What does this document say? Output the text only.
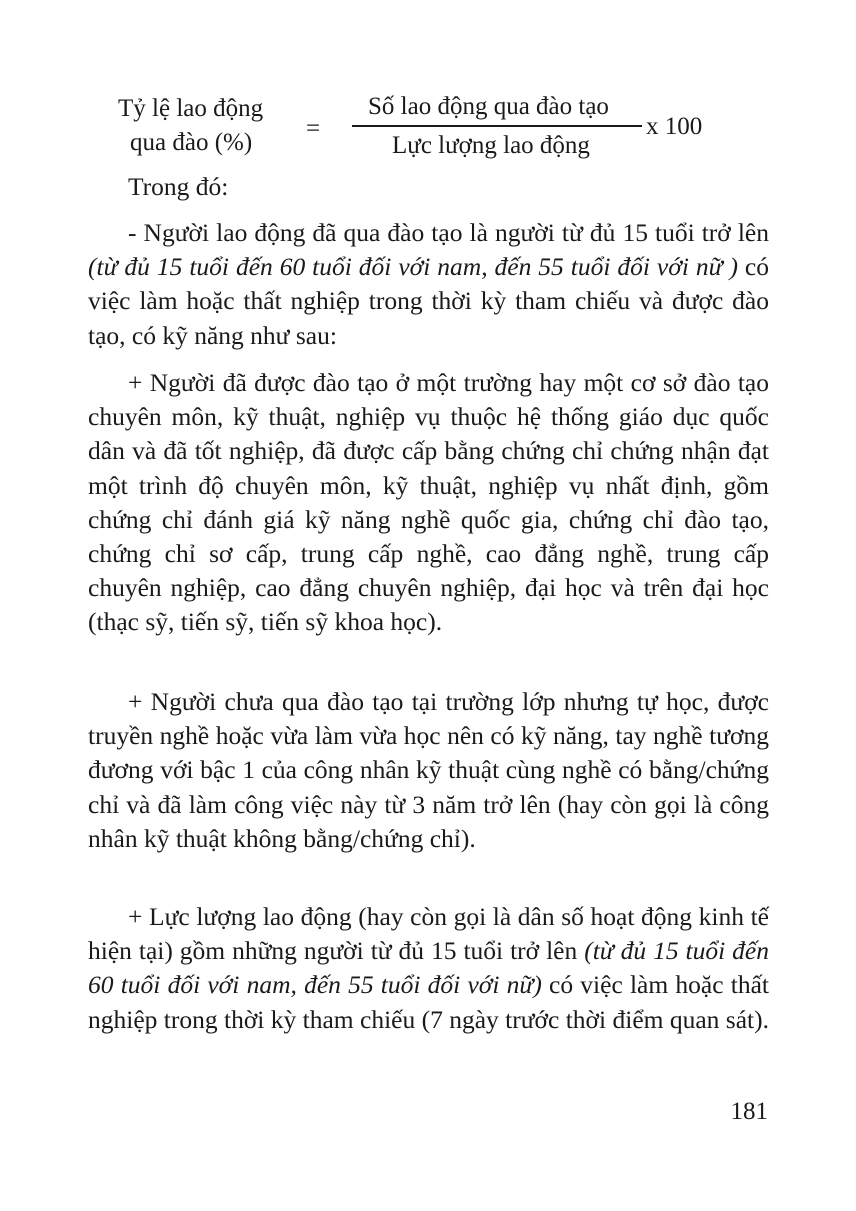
Tỷ lệ lao động
qua đào (%)
=
Số lao động qua đào tạo
Lực lượng lao động
x 100

Trong đó:

- Người lao động đã qua đào tạo là người từ đủ 15 tuổi trở lên (từ đủ 15 tuổi đến 60 tuổi đối với nam, đến 55 tuổi đối với nữ ) có việc làm hoặc thất nghiệp trong thời kỳ tham chiếu và được đào tạo, có kỹ năng như sau:

+ Người đã được đào tạo ở một trường hay một cơ sở đào tạo chuyên môn, kỹ thuật, nghiệp vụ thuộc hệ thống giáo dục quốc dân và đã tốt nghiệp, đã được cấp bằng chứng chỉ chứng nhận đạt một trình độ chuyên môn, kỹ thuật, nghiệp vụ nhất định, gồm chứng chỉ đánh giá kỹ năng nghề quốc gia, chứng chỉ đào tạo, chứng chỉ sơ cấp, trung cấp nghề, cao đẳng nghề, trung cấp chuyên nghiệp, cao đẳng chuyên nghiệp, đại học và trên đại học (thạc sỹ, tiến sỹ, tiến sỹ khoa học).

+ Người chưa qua đào tạo tại trường lớp nhưng tự học, được truyền nghề hoặc vừa làm vừa học nên có kỹ năng, tay nghề tương đương với bậc 1 của công nhân kỹ thuật cùng nghề có bằng/chứng chỉ và đã làm công việc này từ 3 năm trở lên (hay còn gọi là công nhân kỹ thuật không bằng/chứng chỉ).

+ Lực lượng lao động (hay còn gọi là dân số hoạt động kinh tế hiện tại) gồm những người từ đủ 15 tuổi trở lên (từ đủ 15 tuổi đến 60 tuổi đối với nam, đến 55 tuổi đối với nữ) có việc làm hoặc thất nghiệp trong thời kỳ tham chiếu (7 ngày trước thời điểm quan sát).

181
